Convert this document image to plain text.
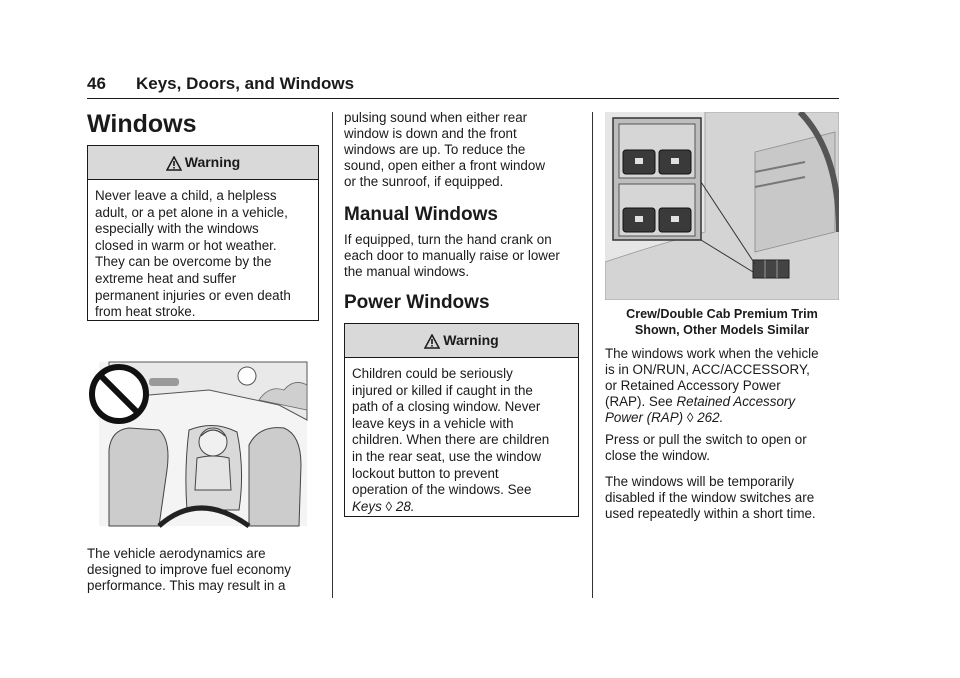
46 Keys, Doors, and Windows
Windows
Warning
Never leave a child, a helpless
adult, or a pet alone in a vehicle,
especially with the windows
closed in warm or hot weather.
They can be overcome by the
extreme heat and suffer
permanent injuries or even death
from heat stroke.
The vehicle aerodynamics are
designed to improve fuel economy
performance. This may result in a
pulsing sound when either rear
window is down and the front
windows are up. To reduce the
sound, open either a front window
or the sunroof, if equipped.
Manual Windows
If equipped, turn the hand crank on
each door to manually raise or lower
the manual windows.
Power Windows
Warning
Children could be seriously
injured or killed if caught in the
path of a closing window. Never
leave keys in a vehicle with
children. When there are children
in the rear seat, use the window
lockout button to prevent
operation of the windows. See
Keys ◊ 28.
Crew/Double Cab Premium Trim
Shown, Other Models Similar
The windows work when the vehicle
is in ON/RUN, ACC/ACCESSORY,
or Retained Accessory Power
(RAP). See Retained Accessory
Power (RAP) ◊ 262.
Press or pull the switch to open or
close the window.
The windows will be temporarily
disabled if the window switches are
used repeatedly within a short time.
